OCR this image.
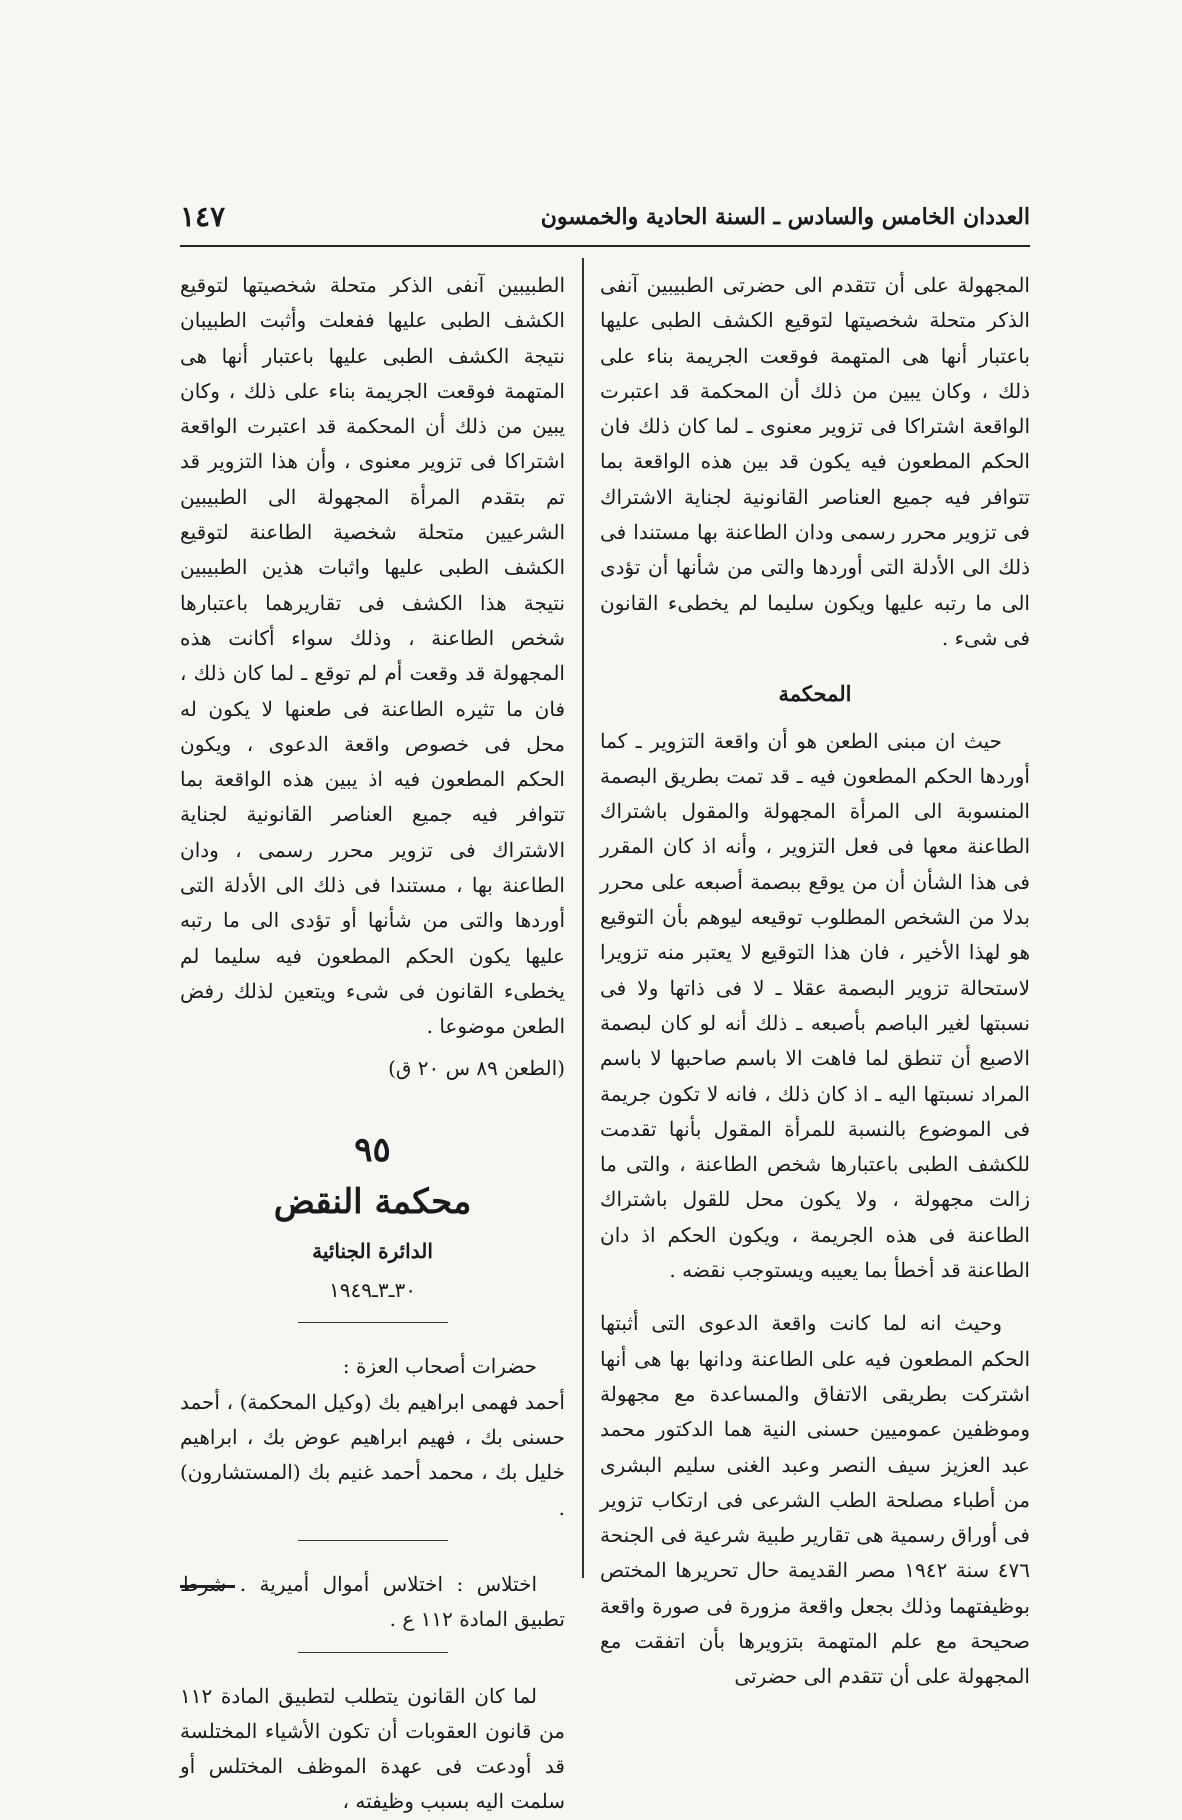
العددان الخامس والسادس ـ السنة الحادية والخمسون
١٤٧

المجهولة على أن تتقدم الى حضرتى الطبيبين آنفى الذكر متحلة شخصيتها لتوقيع الكشف الطبى عليها باعتبار أنها هى المتهمة فوقعت الجريمة بناء على ذلك ، وكان يبين من ذلك أن المحكمة قد اعتبرت الواقعة اشتراكا فى تزوير معنوى ـ لما كان ذلك فان الحكم المطعون فيه يكون قد بين هذه الواقعة بما تتوافر فيه جميع العناصر القانونية لجناية الاشتراك فى تزوير محرر رسمى ودان الطاعنة بها مستندا فى ذلك الى الأدلة التى أوردها والتى من شأنها أن تؤدى الى ما رتبه عليها ويكون سليما لم يخطىء القانون فى شىء .

المحكمة

حيث ان مبنى الطعن هو أن واقعة التزوير ـ كما أوردها الحكم المطعون فيه ـ قد تمت بطريق البصمة المنسوبة الى المرأة المجهولة والمقول باشتراك الطاعنة معها فى فعل التزوير ، وأنه اذ كان المقرر فى هذا الشأن أن من يوقع ببصمة أصبعه على محرر بدلا من الشخص المطلوب توقيعه ليوهم بأن التوقيع هو لهذا الأخير ، فان هذا التوقيع لا يعتبر منه تزويرا لاستحالة تزوير البصمة عقلا ـ لا فى ذاتها ولا فى نسبتها لغير الباصم بأصبعه ـ ذلك أنه لو كان لبصمة الاصبع أن تنطق لما فاهت الا باسم صاحبها لا باسم المراد نسبتها اليه ـ اذ كان ذلك ، فانه لا تكون جريمة فى الموضوع بالنسبة للمرأة المقول بأنها تقدمت للكشف الطبى باعتبارها شخص الطاعنة ، والتى ما زالت مجهولة ، ولا يكون محل للقول باشتراك الطاعنة فى هذه الجريمة ، ويكون الحكم اذ دان الطاعنة قد أخطأ بما يعيبه ويستوجب نقضه .

وحيث انه لما كانت واقعة الدعوى التى أثبتها الحكم المطعون فيه على الطاعنة ودانها بها هى أنها اشتركت بطريقى الاتفاق والمساعدة مع مجهولة وموظفين عموميين حسنى النية هما الدكتور محمد عبد العزيز سيف النصر وعبد الغنى سليم البشرى من أطباء مصلحة الطب الشرعى فى ارتكاب تزوير فى أوراق رسمية هى تقارير طبية شرعية فى الجنحة ٤٧٦ سنة ١٩٤٢ مصر القديمة حال تحريرها المختص بوظيفتهما وذلك بجعل واقعة مزورة فى صورة واقعة صحيحة مع علم المتهمة بتزويرها بأن اتفقت مع المجهولة على أن تتقدم الى حضرتى

الطبيبين آنفى الذكر متحلة شخصيتها لتوقيع الكشف الطبى عليها ففعلت وأثبت الطبيبان نتيجة الكشف الطبى عليها باعتبار أنها هى المتهمة فوقعت الجريمة بناء على ذلك ، وكان يبين من ذلك أن المحكمة قد اعتبرت الواقعة اشتراكا فى تزوير معنوى ، وأن هذا التزوير قد تم بتقدم المرأة المجهولة الى الطبيبين الشرعيين متحلة شخصية الطاعنة لتوقيع الكشف الطبى عليها واثبات هذين الطبيبين نتيجة هذا الكشف فى تقاريرهما باعتبارها شخص الطاعنة ، وذلك سواء أكانت هذه المجهولة قد وقعت أم لم توقع ـ لما كان ذلك ، فان ما تثيره الطاعنة فى طعنها لا يكون له محل فى خصوص واقعة الدعوى ، ويكون الحكم المطعون فيه اذ يبين هذه الواقعة بما تتوافر فيه جميع العناصر القانونية لجناية الاشتراك فى تزوير محرر رسمى ، ودان الطاعنة بها ، مستندا فى ذلك الى الأدلة التى أوردها والتى من شأنها أو تؤدى الى ما رتبه عليها يكون الحكم المطعون فيه سليما لم يخطىء القانون فى شىء ويتعين لذلك رفض الطعن موضوعا .

(الطعن ٨٩ س ٢٠ ق)
٩٥
محكمة النقض
الدائرة الجنائية
٣٠ـ٣ـ١٩٤٩

حضرات أصحاب العزة :

أحمد فهمى ابراهيم بك (وكيل المحكمة) ، أحمد حسنى بك ، فهيم ابراهيم عوض بك ، ابراهيم خليل بك ، محمد أحمد غنيم بك (المستشارون) .

اختلاس : اختلاس أموال أميرية . شرط تطبيق المادة ١١٢ ع .

لما كان القانون يتطلب لتطبيق المادة ١١٢ من قانون العقوبات أن تكون الأشياء المختلسة قد أودعت فى عهدة الموظف المختلس أو سلمت اليه بسبب وظيفته ،
